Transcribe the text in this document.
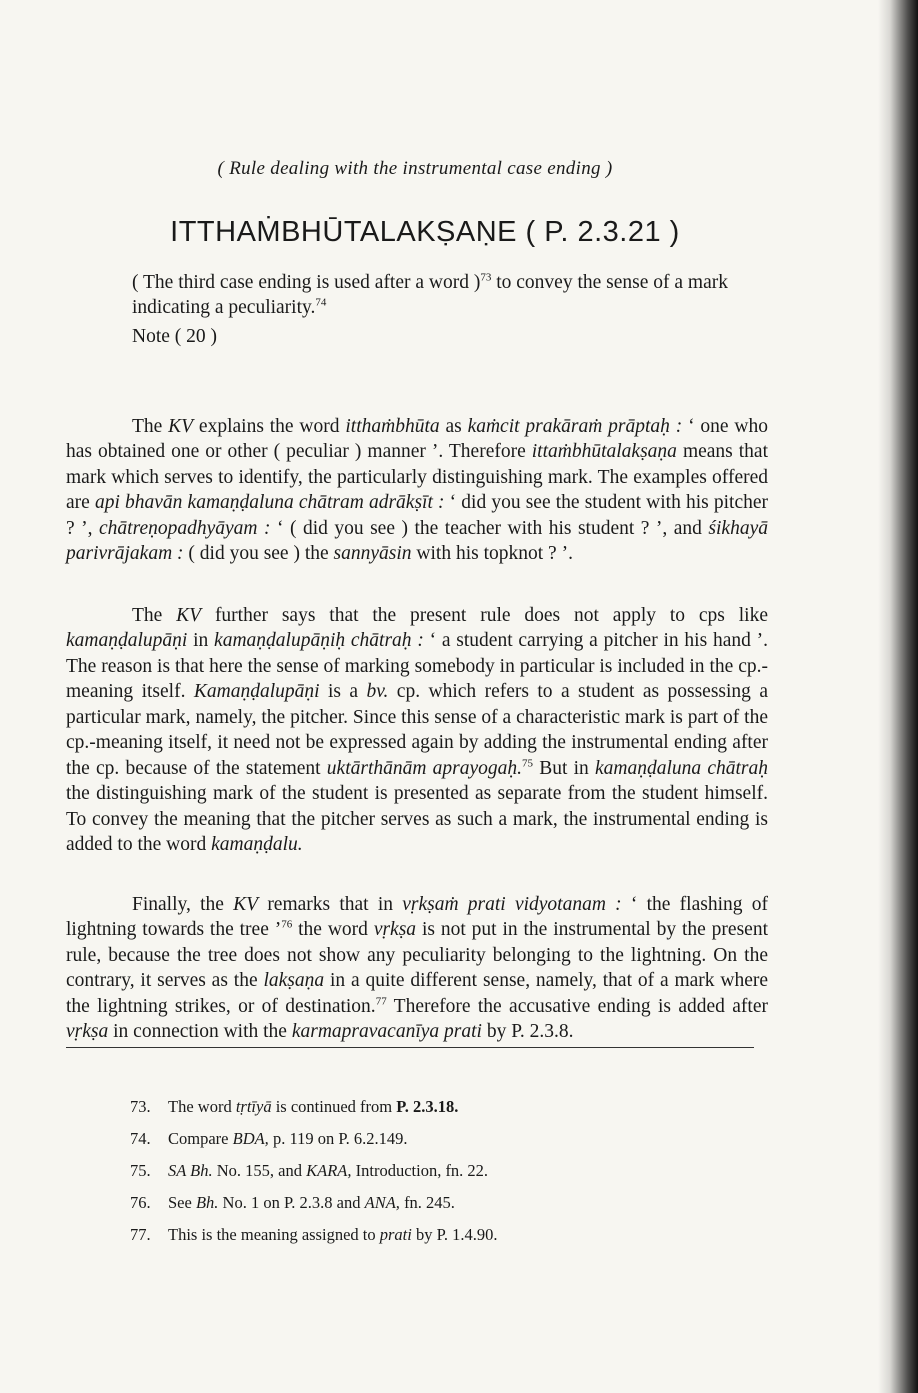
( Rule dealing with the instrumental case ending )
ITTHAṀBHŪTALAKṢAṆE ( P. 2.3.21 )
( The third case ending is used after a word )$^{73}$ to convey the sense of a mark indicating a peculiarity.$^{74}$
Note ( 20 )

The KV explains the word itthaṁbhūta as kaṁcit prakāraṁ prāptaḥ : ‘ one who has obtained one or other ( peculiar ) manner ’. Therefore ittaṁbhūtalakṣaṇa means that mark which serves to identify, the particularly distinguishing mark. The examples offered are api bhavān kamaṇḍaluna chātram adrākṣīt : ‘ did you see the student with his pitcher ? ’, chātreṇopadhyāyam : ‘ ( did you see ) the teacher with his student ? ’, and śikhayā parivrājakam : ( did you see ) the sannyāsin with his topknot ? ’.

The KV further says that the present rule does not apply to cps like kamaṇḍalupāṇi in kamaṇḍalupāṇiḥ chātraḥ : ‘ a student carrying a pitcher in his hand ’. The reason is that here the sense of marking somebody in particular is included in the cp.-meaning itself. Kamaṇḍalupāṇi is a bv. cp. which refers to a student as possessing a particular mark, namely, the pitcher. Since this sense of a characteristic mark is part of the cp.-meaning itself, it need not be expressed again by adding the instrumental ending after the cp. because of the statement uktārthānām aprayogaḥ.$^{75}$ But in kamaṇḍaluna chātraḥ the distinguishing mark of the student is presented as separate from the student himself. To convey the meaning that the pitcher serves as such a mark, the instrumental ending is added to the word kamaṇḍalu.

Finally, the KV remarks that in vṛkṣaṁ prati vidyotanam : ‘ the flashing of lightning towards the tree ’$^{76}$ the word vṛkṣa is not put in the instrumental by the present rule, because the tree does not show any peculiarity belonging to the lightning. On the contrary, it serves as the lakṣaṇa in a quite different sense, namely, that of a mark where the lightning strikes, or of destination.$^{77}$ Therefore the accusative ending is added after vṛkṣa in connection with the karmapravacanīya prati by P. 2.3.8.

73. The word tṛtīyā is continued from P. 2.3.18.
74. Compare BDA, p. 119 on P. 6.2.149.
75. SA Bh. No. 155, and KARA, Introduction, fn. 22.
76. See Bh. No. 1 on P. 2.3.8 and ANA, fn. 245.
77. This is the meaning assigned to prati by P. 1.4.90.
